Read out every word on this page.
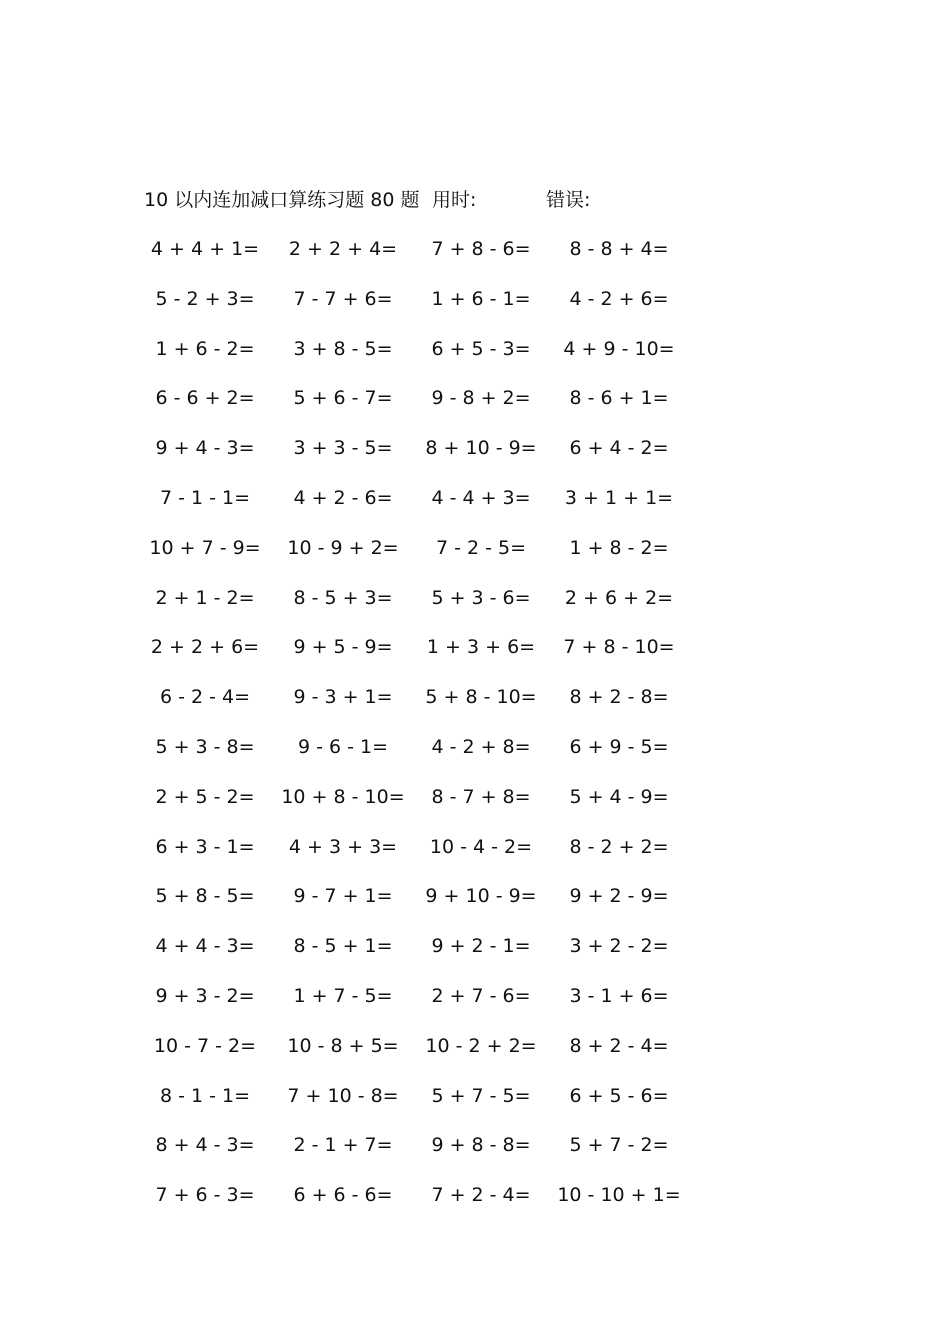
10 以内连加减口算练习题 80 题 用时:	错误:
4 + 4 + 1=	2 + 2 + 4=	7 + 8 - 6=	8 - 8 + 4=
5 - 2 + 3=	7 - 7 + 6=	1 + 6 - 1=	4 - 2 + 6=
1 + 6 - 2=	3 + 8 - 5=	6 + 5 - 3=	4 + 9 - 10=
6 - 6 + 2=	5 + 6 - 7=	9 - 8 + 2=	8 - 6 + 1=
9 + 4 - 3=	3 + 3 - 5=	8 + 10 - 9=	6 + 4 - 2=
7 - 1 - 1=	4 + 2 - 6=	4 - 4 + 3=	3 + 1 + 1=
10 + 7 - 9=	10 - 9 + 2=	7 - 2 - 5=	1 + 8 - 2=
2 + 1 - 2=	8 - 5 + 3=	5 + 3 - 6=	2 + 6 + 2=
2 + 2 + 6=	9 + 5 - 9=	1 + 3 + 6=	7 + 8 - 10=
6 - 2 - 4=	9 - 3 + 1=	5 + 8 - 10=	8 + 2 - 8=
5 + 3 - 8=	9 - 6 - 1=	4 - 2 + 8=	6 + 9 - 5=
2 + 5 - 2=	10 + 8 - 10=	8 - 7 + 8=	5 + 4 - 9=
6 + 3 - 1=	4 + 3 + 3=	10 - 4 - 2=	8 - 2 + 2=
5 + 8 - 5=	9 - 7 + 1=	9 + 10 - 9=	9 + 2 - 9=
4 + 4 - 3=	8 - 5 + 1=	9 + 2 - 1=	3 + 2 - 2=
9 + 3 - 2=	1 + 7 - 5=	2 + 7 - 6=	3 - 1 + 6=
10 - 7 - 2=	10 - 8 + 5=	10 - 2 + 2=	8 + 2 - 4=
8 - 1 - 1=	7 + 10 - 8=	5 + 7 - 5=	6 + 5 - 6=
8 + 4 - 3=	2 - 1 + 7=	9 + 8 - 8=	5 + 7 - 2=
7 + 6 - 3=	6 + 6 - 6=	7 + 2 - 4=	10 - 10 + 1=
